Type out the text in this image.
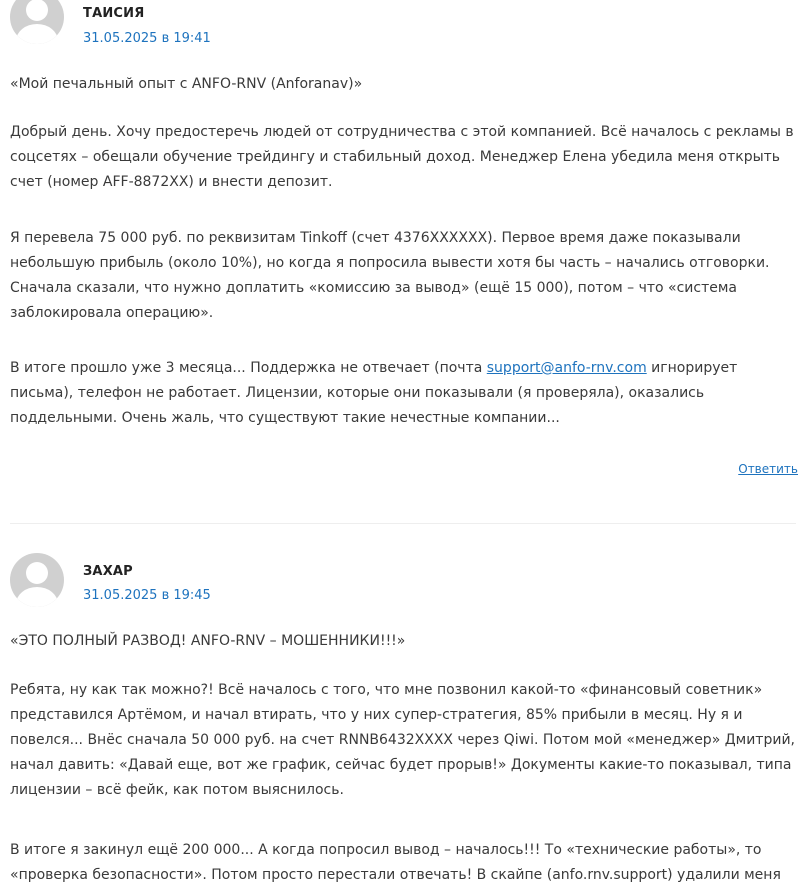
ТАИСИЯ
31.05.2025 в 19:41

«Мой печальный опыт с ANFO-RNV (Anforanav)»

Добрый день. Хочу предостеречь людей от сотрудничества с этой компанией. Всё началось с рекламы в соцсетях – обещали обучение трейдингу и стабильный доход. Менеджер Елена убедила меня открыть счет (номер AFF-8872XX) и внести депозит.

Я перевела 75 000 руб. по реквизитам Tinkoff (счет 4376XXXXXX). Первое время даже показывали небольшую прибыль (около 10%), но когда я попросила вывести хотя бы часть – начались отговорки. Сначала сказали, что нужно доплатить «комиссию за вывод» (ещё 15 000), потом – что «система заблокировала операцию».

В итоге прошло уже 3 месяца... Поддержка не отвечает (почта support@anfo-rnv.com игнорирует письма), телефон не работает. Лицензии, которые они показывали (я проверяла), оказались поддельными. Очень жаль, что существуют такие нечестные компании...

Ответить
ЗАХАР
31.05.2025 в 19:45

«ЭТО ПОЛНЫЙ РАЗВОД! ANFO-RNV – МОШЕННИКИ!!!»

Ребята, ну как так можно?! Всё началось с того, что мне позвонил какой-то «финансовый советник» представился Артёмом, и начал втирать, что у них супер-стратегия, 85% прибыли в месяц. Ну я и повелся... Внёс сначала 50 000 руб. на счет RNNB6432XXXX через Qiwi. Потом мой «менеджер» Дмитрий, начал давить: «Давай еще, вот же график, сейчас будет прорыв!» Документы какие-то показывал, типа лицензии – всё фейк, как потом выяснилось.

В итоге я закинул ещё 200 000... А когда попросил вывод – началось!!! То «технические работы», то «проверка безопасности». Потом просто перестали отвечать! В скайпе (anfo.rnv.support) удалили меня
